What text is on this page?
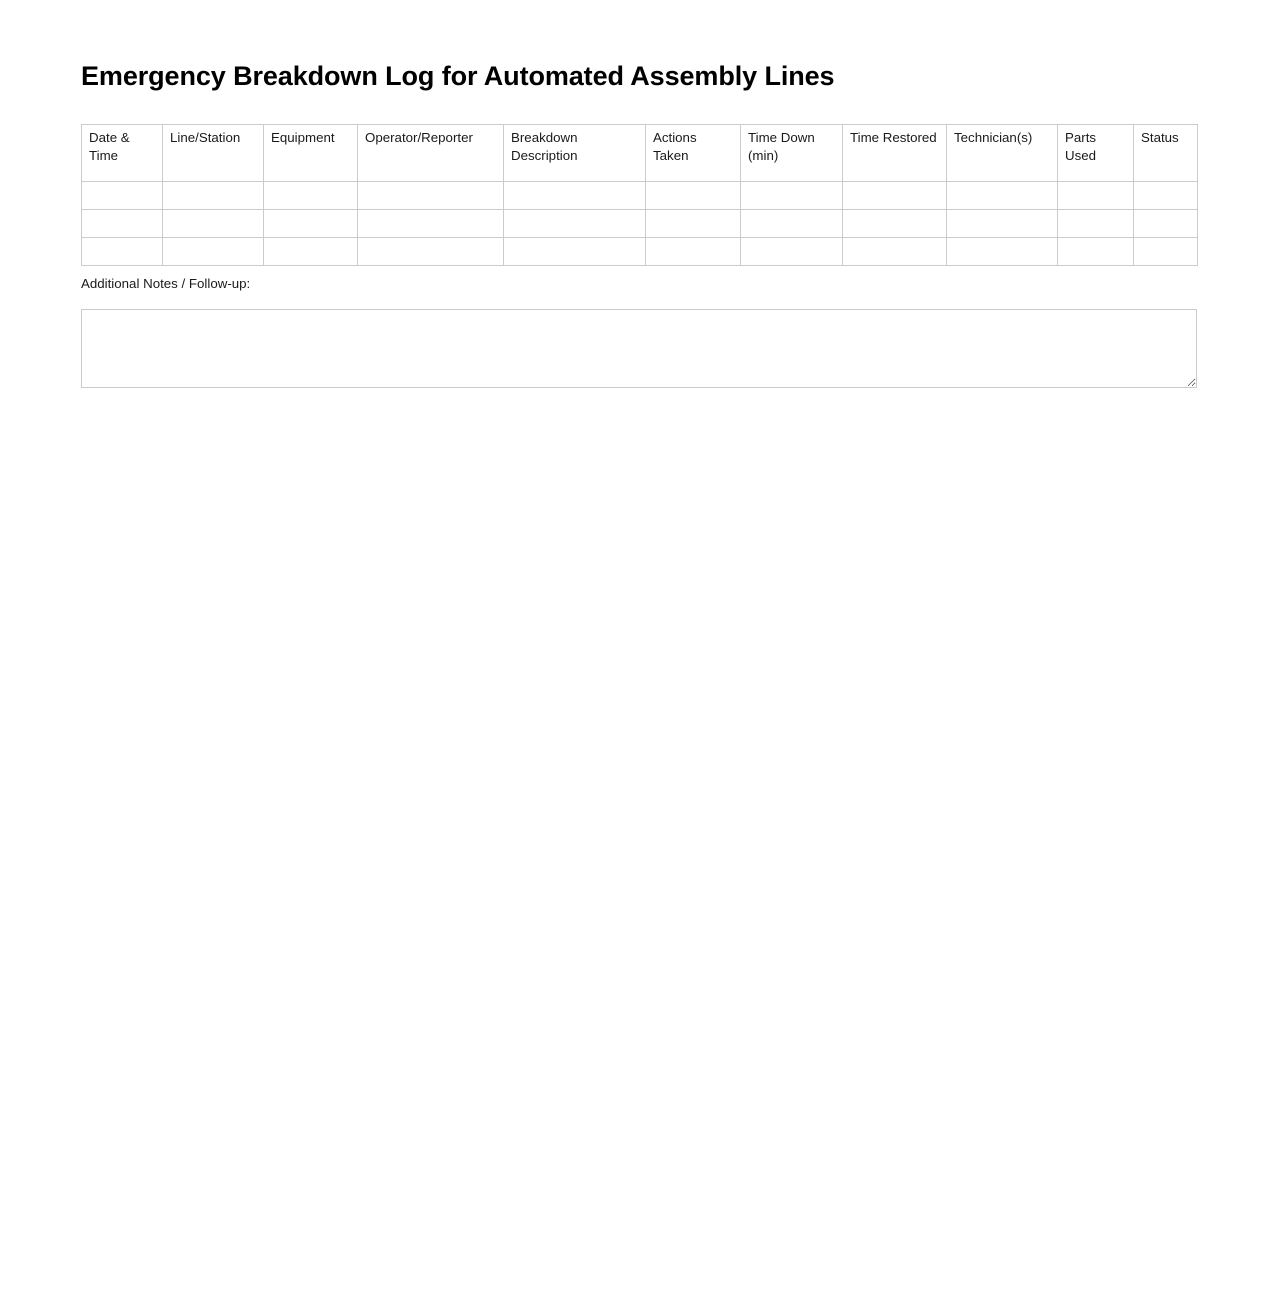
Emergency Breakdown Log for Automated Assembly Lines
Date & Time	Line/Station	Equipment	Operator/Reporter	Breakdown Description	Actions Taken	Time Down (min)	Time Restored	Technician(s)	Parts Used	Status

Additional Notes / Follow-up:
